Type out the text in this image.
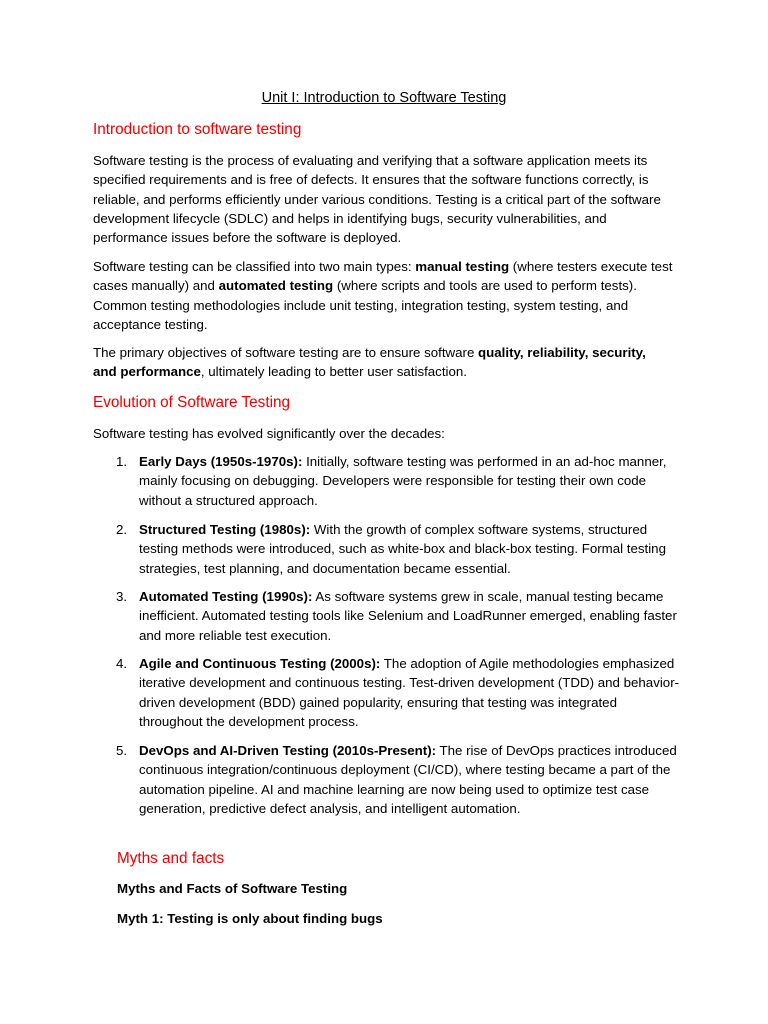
Unit I: Introduction to Software Testing
Introduction to software testing

Software testing is the process of evaluating and verifying that a software application meets its specified requirements and is free of defects. It ensures that the software functions correctly, is reliable, and performs efficiently under various conditions. Testing is a critical part of the software development lifecycle (SDLC) and helps in identifying bugs, security vulnerabilities, and performance issues before the software is deployed.

Software testing can be classified into two main types: manual testing (where testers execute test cases manually) and automated testing (where scripts and tools are used to perform tests). Common testing methodologies include unit testing, integration testing, system testing, and acceptance testing.

The primary objectives of software testing are to ensure software quality, reliability, security, and performance, ultimately leading to better user satisfaction.

Evolution of Software Testing

Software testing has evolved significantly over the decades:

1. Early Days (1950s-1970s): Initially, software testing was performed in an ad-hoc manner, mainly focusing on debugging. Developers were responsible for testing their own code without a structured approach.
2. Structured Testing (1980s): With the growth of complex software systems, structured testing methods were introduced, such as white-box and black-box testing. Formal testing strategies, test planning, and documentation became essential.
3. Automated Testing (1990s): As software systems grew in scale, manual testing became inefficient. Automated testing tools like Selenium and LoadRunner emerged, enabling faster and more reliable test execution.
4. Agile and Continuous Testing (2000s): The adoption of Agile methodologies emphasized iterative development and continuous testing. Test-driven development (TDD) and behavior-driven development (BDD) gained popularity, ensuring that testing was integrated throughout the development process.
5. DevOps and AI-Driven Testing (2010s-Present): The rise of DevOps practices introduced continuous integration/continuous deployment (CI/CD), where testing became a part of the automation pipeline. AI and machine learning are now being used to optimize test case generation, predictive defect analysis, and intelligent automation.
Myths and facts
Myths and Facts of Software Testing
Myth 1: Testing is only about finding bugs
